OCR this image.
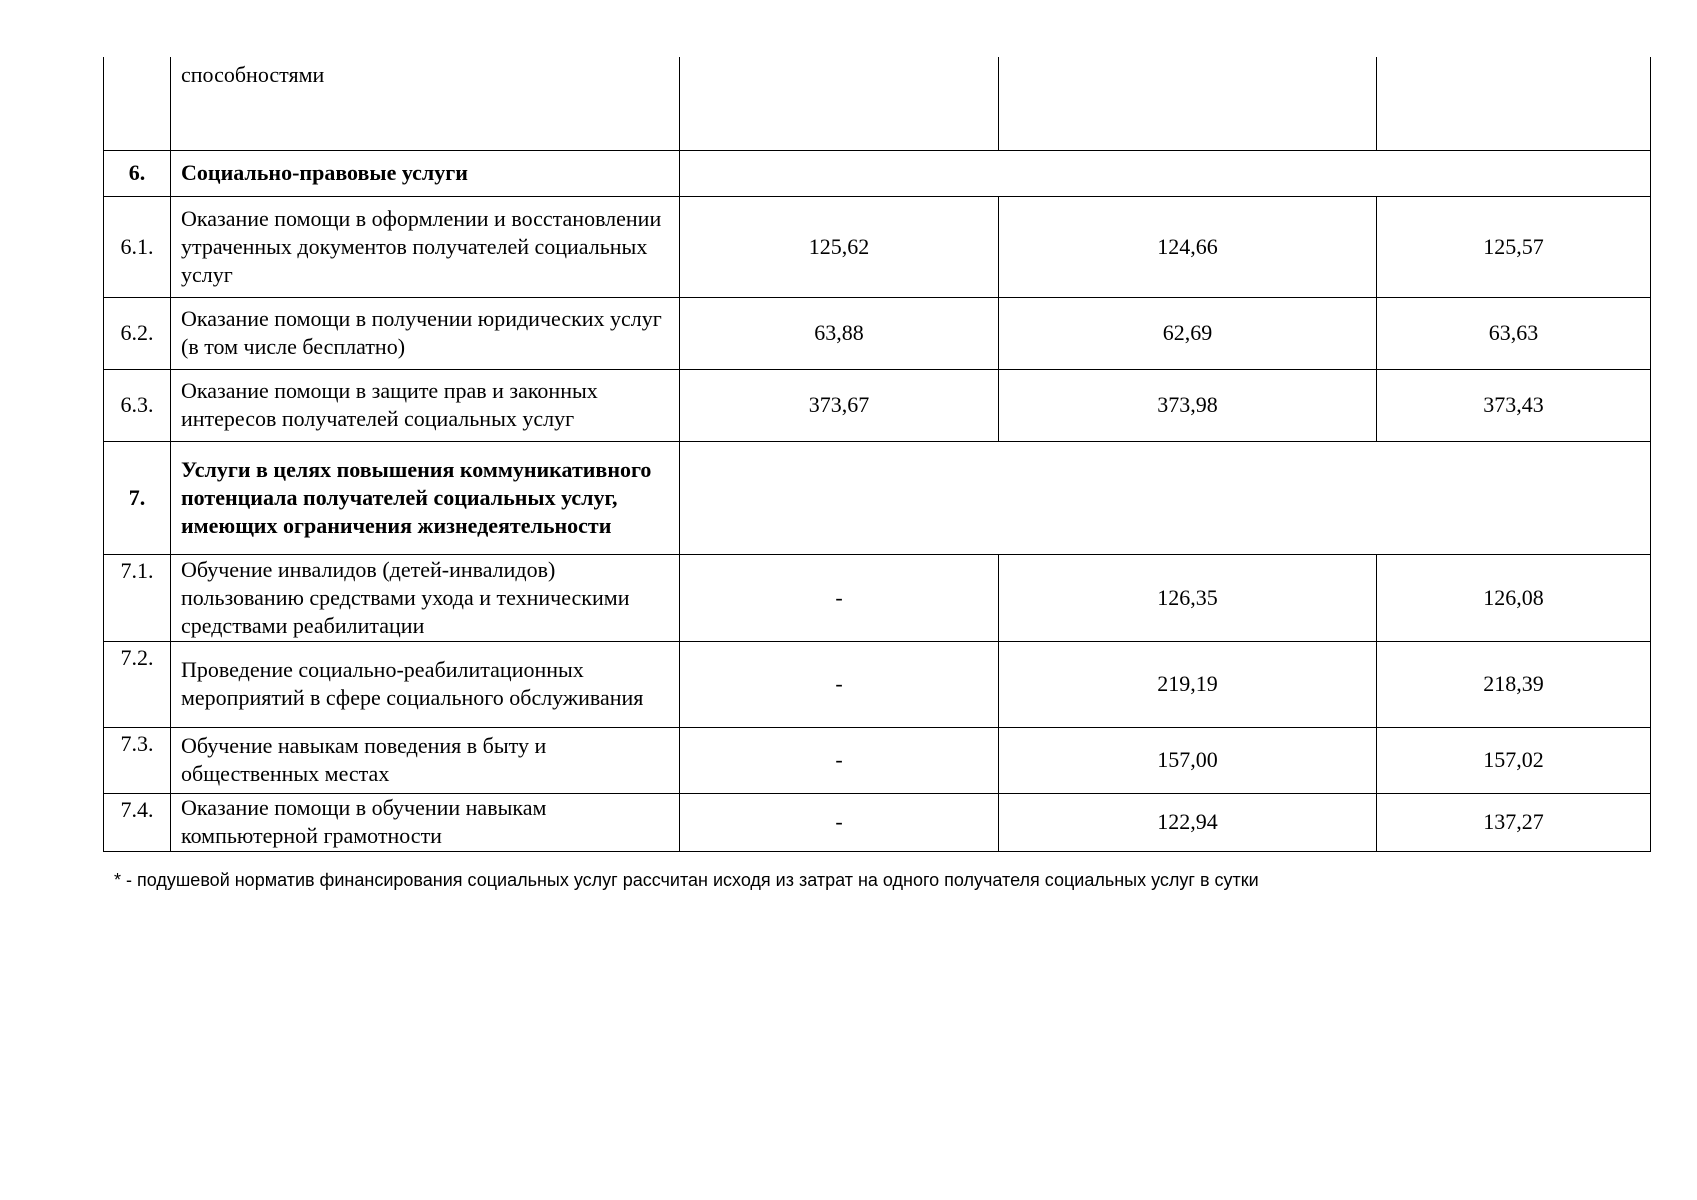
	способностями			
6.	Социально-правовые услуги			
6.1.	Оказание помощи в оформлении и восстановлении утраченных документов получателей социальных услуг	125,62	124,66	125,57
6.2.	Оказание помощи в получении юридических услуг (в том числе бесплатно)	63,88	62,69	63,63
6.3.	Оказание помощи в защите прав и законных интересов получателей социальных услуг	373,67	373,98	373,43
7.	Услуги в целях повышения коммуникативного потенциала получателей социальных услуг, имеющих ограничения жизнедеятельности			
7.1.	Обучение инвалидов (детей-инвалидов) пользованию средствами ухода и техническими средствами реабилитации	-	126,35	126,08
7.2.	Проведение социально-реабилитационных мероприятий в сфере социального обслуживания	-	219,19	218,39
7.3.	Обучение навыкам поведения в быту и общественных местах	-	157,00	157,02
7.4.	Оказание помощи в обучении навыкам компьютерной грамотности	-	122,94	137,27
* - подушевой норматив финансирования социальных услуг рассчитан исходя из затрат на одного получателя социальных услуг в сутки
